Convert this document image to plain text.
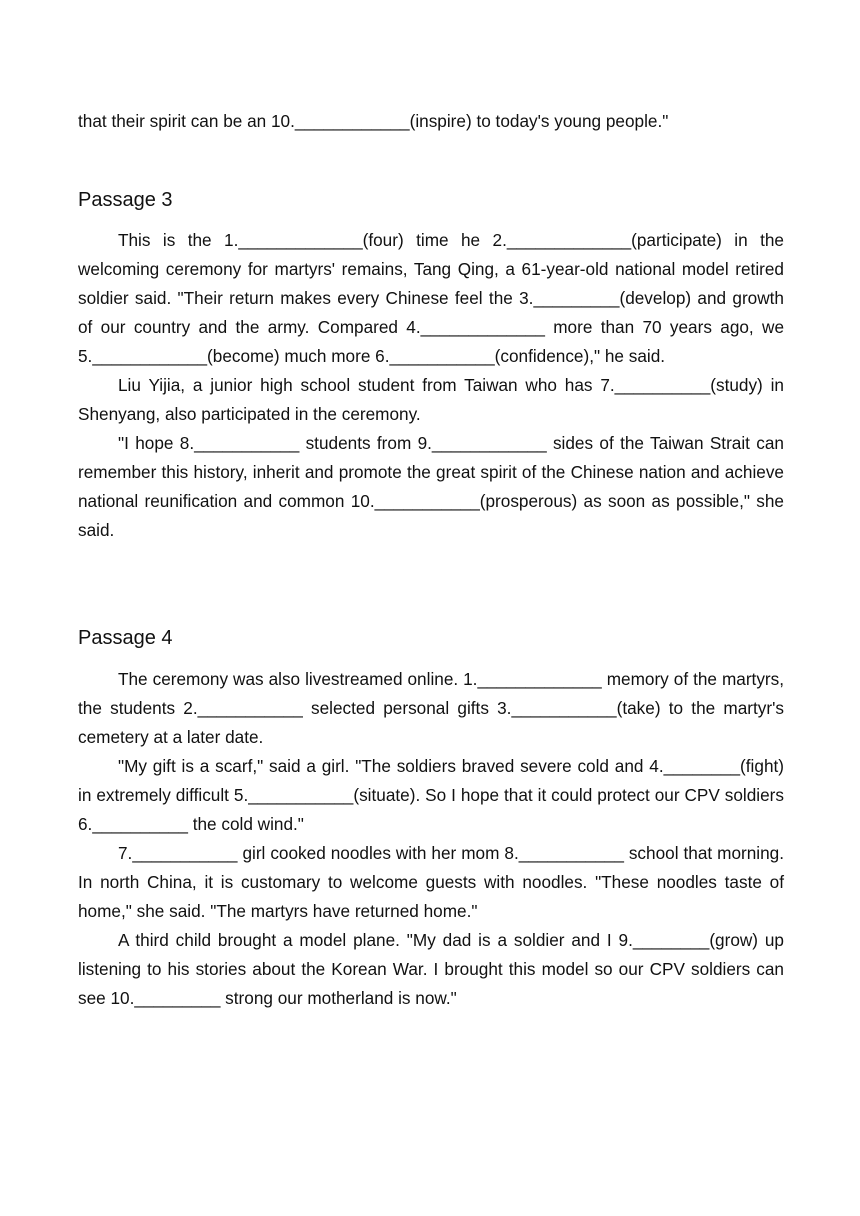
that their spirit can be an 10.____________(inspire) to today's young people."

Passage 3

This is the 1._____________(four) time he 2._____________(participate) in the welcoming ceremony for martyrs' remains, Tang Qing, a 61-year-old national model retired soldier said. "Their return makes every Chinese feel the 3._________(develop) and growth of our country and the army. Compared 4._____________ more than 70 years ago, we 5.____________(become) much more 6.___________(confidence)," he said.

Liu Yijia, a junior high school student from Taiwan who has 7.__________(study) in Shenyang, also participated in the ceremony.

"I hope 8.___________ students from 9.____________ sides of the Taiwan Strait can remember this history, inherit and promote the great spirit of the Chinese nation and achieve national reunification and common 10.___________(prosperous) as soon as possible," she said.

Passage 4

The ceremony was also livestreamed online. 1._____________ memory of the martyrs, the students 2.___________ selected personal gifts 3.___________(take) to the martyr's cemetery at a later date.

"My gift is a scarf," said a girl. "The soldiers braved severe cold and 4.________(fight) in extremely difficult 5.___________(situate). So I hope that it could protect our CPV soldiers 6.__________ the cold wind."

7.___________ girl cooked noodles with her mom 8.___________ school that morning. In north China, it is customary to welcome guests with noodles. "These noodles taste of home," she said. "The martyrs have returned home."

A third child brought a model plane. "My dad is a soldier and I 9.________(grow) up listening to his stories about the Korean War. I brought this model so our CPV soldiers can see 10._________ strong our motherland is now."
